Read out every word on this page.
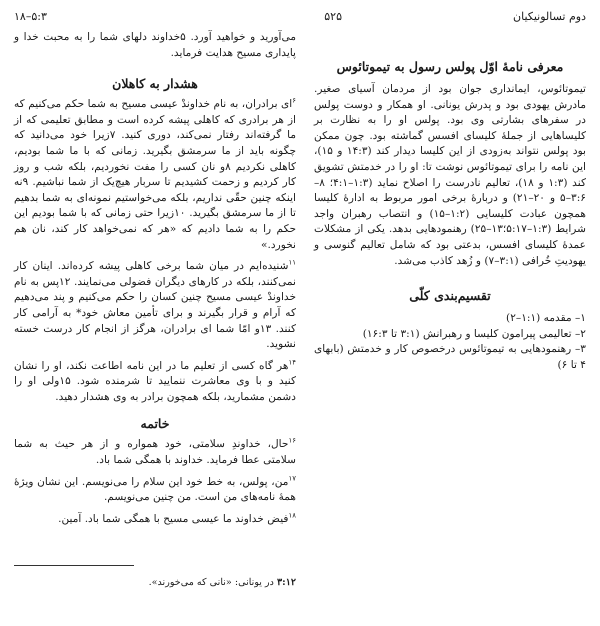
دوم تسالونیکیان
۵۲۵
۵:۳–۱۸
معرفی نامهٔ اوّل پولس رسول به تیموتائوس

تیموتائوس، ایمانداری جوان بود از مردمان آسیای صغیر. مادرش یهودی بود و پدرش یونانی. او همکار و دوست پولس در سفرهای بشارتی وی بود. پولس او را به نظارت بر کلیساهایی از جملهٔ کلیسای افسس گماشته بود. چون ممکن بود پولس نتواند به‌زودی از این کلیسا دیدار کند (۳:‏۱۴ و ۱۵)، این نامه را برای تیموتائوس نوشت تا: او را در خدمتش تشویق کند (۳:‏۱ و ۱۸)، تعالیم نادرست را اصلاح نماید (۳:‏۱–۱:‏۴؛ ۸–۶:‏۳–۵ و ۲۰–۲۱) و دربارهٔ برخی امور مربوط به ادارهٔ کلیسا همچون عبادت کلیسایی (۲:‏۱–۱۵) و انتصاب رهبران واجد شرایط (۳:‏۱–۱۷:‏۵؛۱۳–۲۵) رهنمودهایی بدهد. یکی از مشکلات عمدهٔ کلیسای افسس، بدعتی بود که شامل تعالیم گنوسی و یهودیتِ خُرافی (۱:‏۳–۷) و زُهد کاذب می‌شد.

تقسیم‌بندی کلّی
۱– مقدمه (۱:‏۱–۲)
۲– تعالیمی پیرامون کلیسا و رهبرانش (۱:‏۳ تا ۳:‏۱۶)
۳– رهنمودهایی به تیموتائوس درخصوص کار و خدمتش (بابهای ۴ تا ۶)

می‌آورید و خواهید آورد. ۵خداوند دلهای شما را به محبت خدا و پایداری مسیح هدایت فرماید.

هشدار به کاهلان

$^۶$ای برادران، به نام خداوندْ عیسی مسیح به شما حکم می‌کنیم که از هر برادری که کاهلی پیشه کرده است و مطابق تعلیمی که از ما گرفته‌اند رفتار نمی‌کند، دوری کنید. ۷زیرا خود می‌دانید که چگونه باید از ما سرمشق بگیرید. زمانی که با ما شما بودیم، کاهلی نکردیم ۸و نان کسی را مفت نخوردیم، بلکه شب و روز کار کردیم و زحمت کشیدیم تا سربار هیچ‌یک از شما نباشیم. ۹نه اینکه چنین حقّی نداریم، بلکه می‌خواستیم نمونه‌ای به شما بدهیم تا از ما سرمشق بگیرید. ۱۰زیرا حتی زمانی که با شما بودیم این حکم را به شما دادیم که «هر که نمی‌خواهد کار کند، نان هم نخورد.»

$^{۱۱}$شنیده‌ایم در میان شما برخی کاهلی پیشه کرده‌اند. اینان کار نمی‌کنند، بلکه در کارهای دیگران فضولی می‌نمایند. ۱۲پس به نام خداوندْ عیسی مسیح چنین کسان را حکم می‌کنیم و پند می‌دهیم که آرام و قرار بگیرند و برای تأمین معاش خود* به آرامی کار کنند. ۱۳و امّا شما ای برادران، هرگز از انجام کار درست خسته نشوید.

$^{۱۴}$هر گاه کسی از تعلیم ما در این نامه اطاعت نکند، او را نشان کنید و با وی معاشرت ننمایید تا شرمنده شود. ۱۵ولی او را دشمن مشمارید، بلکه همچون برادر به وی هشدار دهید.

خاتمه

$^{۱۶}$حال، خداوندِ سلامتی، خود همواره و از هر حیث به شما سلامتی عطا فرماید. خداوند با همگی شما باد.

$^{۱۷}$من، پولس، به خط خود این سلام را می‌نویسم. این نشان ویژهٔ همهٔ نامه‌های من است. من چنین می‌نویسم.

$^{۱۸}$فیض خداوند ما عیسی مسیح با همگی شما باد. آمین.

۱۲:‏۳ در یونانی: «نانی که می‌خورند».
